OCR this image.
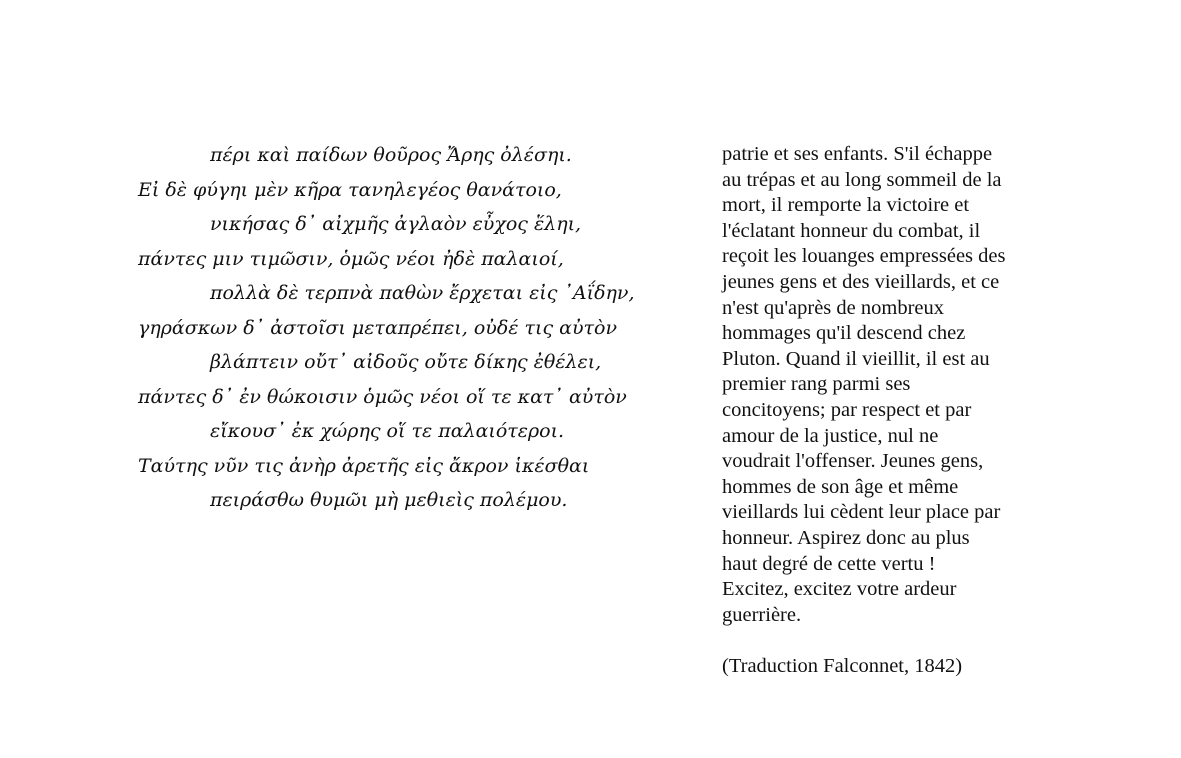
πέρι καὶ παίδων θοῦρος Ἄρης ὀλέσηι.
Εἰ δὲ φύγηι μὲν κῆρα τανηλεγέος θανάτοιο,
νικήσας δ᾽ αἰχμῆς ἀγλαὸν εὖχος ἕληι,
πάντες μιν τιμῶσιν, ὁμῶς νέοι ἠδὲ παλαιοί,
πολλὰ δὲ τερπνὰ παθὼν ἔρχεται εἰς ᾽Αΐδην,
γηράσκων δ᾽ ἀστοῖσι μεταπρέπει, οὐδέ τις αὐτὸν
βλάπτειν οὔτ᾽ αἰδοῦς οὔτε δίκης ἐθέλει,
πάντες δ᾽ ἐν θώκοισιν ὁμῶς νέοι οἵ τε κατ᾽ αὐτὸν
εἴκουσ᾽ ἐκ χώρης οἵ τε παλαιότεροι.
Ταύτης νῦν τις ἀνὴρ ἀρετῆς εἰς ἄκρον ἱκέσθαι
πειράσθω θυμῶι μὴ μεθιεὶς πολέμου.
patrie et ses enfants. S'il échappe
au trépas et au long sommeil de la
mort, il remporte la victoire et
l'éclatant honneur du combat, il
reçoit les louanges empressées des
jeunes gens et des vieillards, et ce
n'est qu'après de nombreux
hommages qu'il descend chez
Pluton. Quand il vieillit, il est au
premier rang parmi ses
concitoyens; par respect et par
amour de la justice, nul ne
voudrait l'offenser. Jeunes gens,
hommes de son âge et même
vieillards lui cèdent leur place par
honneur. Aspirez donc au plus
haut degré de cette vertu !
Excitez, excitez votre ardeur
guerrière.
(Traduction Falconnet, 1842)
